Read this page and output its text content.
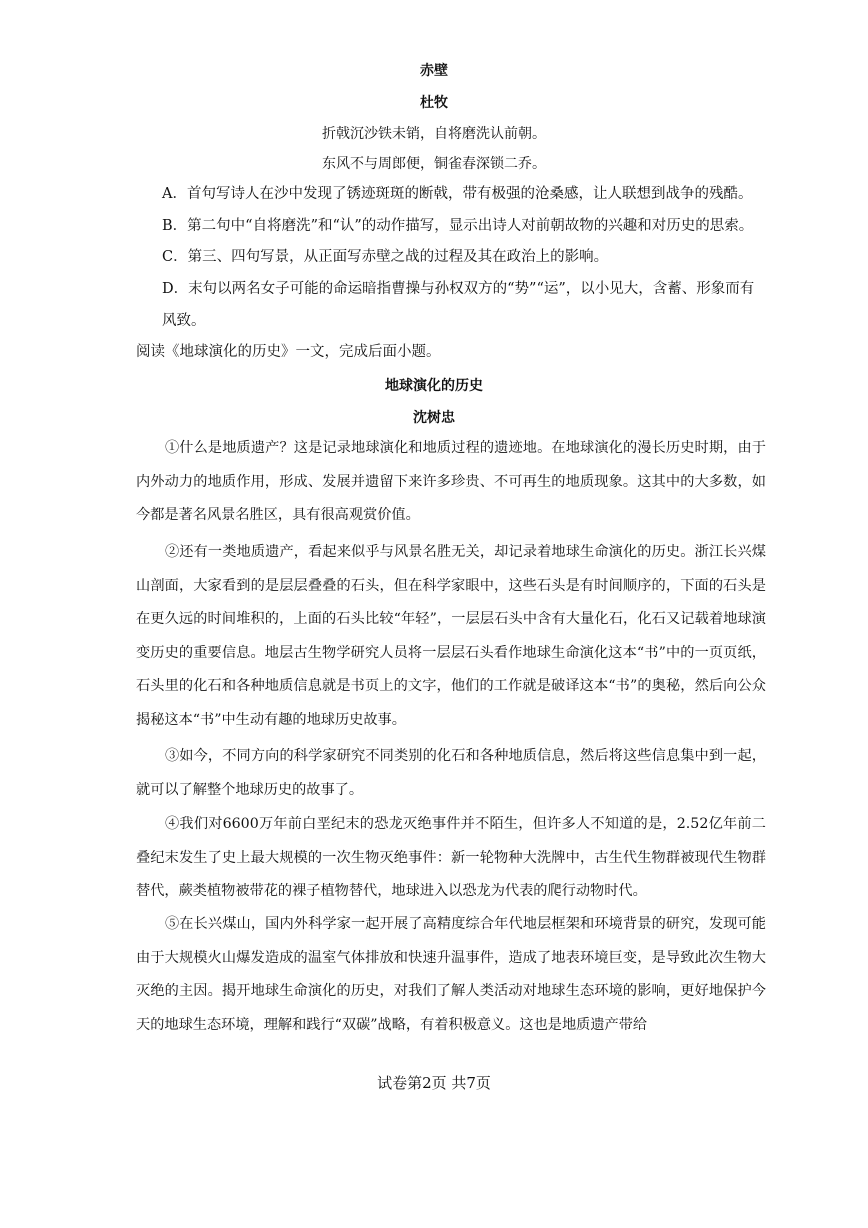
赤壁
杜牧
折戟沉沙铁未销，自将磨洗认前朝。
东风不与周郎便，铜雀春深锁二乔。
A．首句写诗人在沙中发现了锈迹斑斑的断戟，带有极强的沧桑感，让人联想到战争的残酷。
B．第二句中“自将磨洗”和“认”的动作描写，显示出诗人对前朝故物的兴趣和对历史的思索。
C．第三、四句写景，从正面写赤壁之战的过程及其在政治上的影响。
D．末句以两名女子可能的命运暗指曹操与孙权双方的“势”“运”，以小见大，含蓄、形象而有
风致。
阅读《地球演化的历史》一文，完成后面小题。
地球演化的历史
沈树忠
①什么是地质遗产？这是记录地球演化和地质过程的遗迹地。在地球演化的漫长历史时期，由于内外动力的地质作用，形成、发展并遗留下来许多珍贵、不可再生的地质现象。这其中的大多数，如今都是著名风景名胜区，具有很高观赏价值。
②还有一类地质遗产，看起来似乎与风景名胜无关，却记录着地球生命演化的历史。浙江长兴煤山剖面，大家看到的是层层叠叠的石头，但在科学家眼中，这些石头是有时间顺序的，下面的石头是在更久远的时间堆积的，上面的石头比较“年轻”，一层层石头中含有大量化石，化石又记载着地球演变历史的重要信息。地层古生物学研究人员将一层层石头看作地球生命演化这本“书”中的一页页纸，石头里的化石和各种地质信息就是书页上的文字，他们的工作就是破译这本“书”的奥秘，然后向公众揭秘这本“书”中生动有趣的地球历史故事。
③如今，不同方向的科学家研究不同类别的化石和各种地质信息，然后将这些信息集中到一起，就可以了解整个地球历史的故事了。
④我们对6600万年前白垩纪末的恐龙灭绝事件并不陌生，但许多人不知道的是，2.52亿年前二叠纪末发生了史上最大规模的一次生物灭绝事件：新一轮物种大洗牌中，古生代生物群被现代生物群替代，蕨类植物被带花的裸子植物替代，地球进入以恐龙为代表的爬行动物时代。
⑤在长兴煤山，国内外科学家一起开展了高精度综合年代地层框架和环境背景的研究，发现可能由于大规模火山爆发造成的温室气体排放和快速升温事件，造成了地表环境巨变，是导致此次生物大灭绝的主因。揭开地球生命演化的历史，对我们了解人类活动对地球生态环境的影响，更好地保护今天的地球生态环境，理解和践行“双碳”战略，有着积极意义。这也是地质遗产带给
试卷第2页 共7页
